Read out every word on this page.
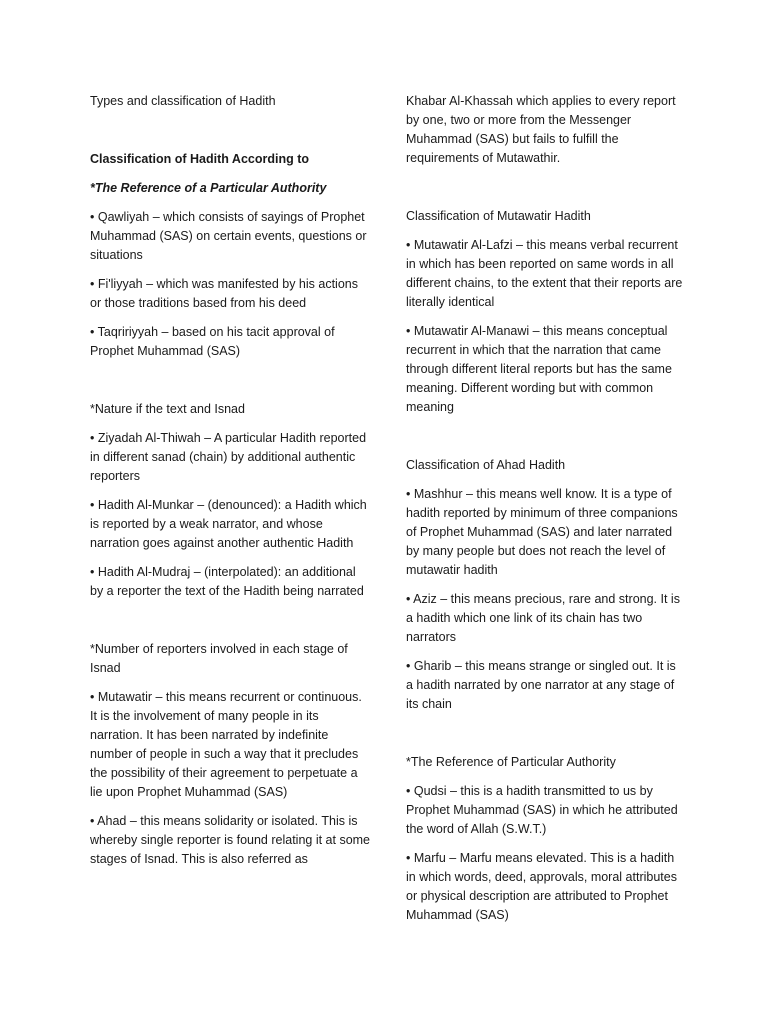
Types and classification of Hadith

Classification of Hadith According to

*The Reference of a Particular Authority

• Qawliyah – which consists of sayings of Prophet Muhammad (SAS) on certain events, questions or situations

• Fi'liyyah – which was manifested by his actions or those traditions based from his deed

• Taqririyyah – based on his tacit approval of Prophet Muhammad (SAS)

*Nature if the text and Isnad

• Ziyadah Al-Thiwah – A particular Hadith reported in different sanad (chain) by additional authentic reporters

• Hadith Al-Munkar – (denounced): a Hadith which is reported by a weak narrator, and whose narration goes against another authentic Hadith

• Hadith Al-Mudraj – (interpolated): an additional by a reporter the text of the Hadith being narrated

*Number of reporters involved in each stage of Isnad

• Mutawatir – this means recurrent or continuous. It is the involvement of many people in its narration. It has been narrated by indefinite number of people in such a way that it precludes the possibility of their agreement to perpetuate a lie upon Prophet Muhammad (SAS)

• Ahad – this means solidarity or isolated. This is whereby single reporter is found relating it at some stages of Isnad. This is also referred as

Khabar Al-Khassah which applies to every report by one, two or more from the Messenger Muhammad (SAS) but fails to fulfill the requirements of Mutawathir.

Classification of Mutawatir Hadith

• Mutawatir Al-Lafzi – this means verbal recurrent in which has been reported on same words in all different chains, to the extent that their reports are literally identical

• Mutawatir Al-Manawi – this means conceptual recurrent in which that the narration that came through different literal reports but has the same meaning. Different wording but with common meaning

Classification of Ahad Hadith

• Mashhur – this means well know. It is a type of hadith reported by minimum of three companions of Prophet Muhammad (SAS) and later narrated by many people but does not reach the level of mutawatir hadith

• Aziz – this means precious, rare and strong. It is a hadith which one link of its chain has two narrators

• Gharib – this means strange or singled out. It is a hadith narrated by one narrator at any stage of its chain

*The Reference of Particular Authority

• Qudsi – this is a hadith transmitted to us by Prophet Muhammad (SAS) in which he attributed the word of Allah (S.W.T.)

• Marfu – Marfu means elevated. This is a hadith in which words, deed, approvals, moral attributes or physical description are attributed to Prophet Muhammad (SAS)
